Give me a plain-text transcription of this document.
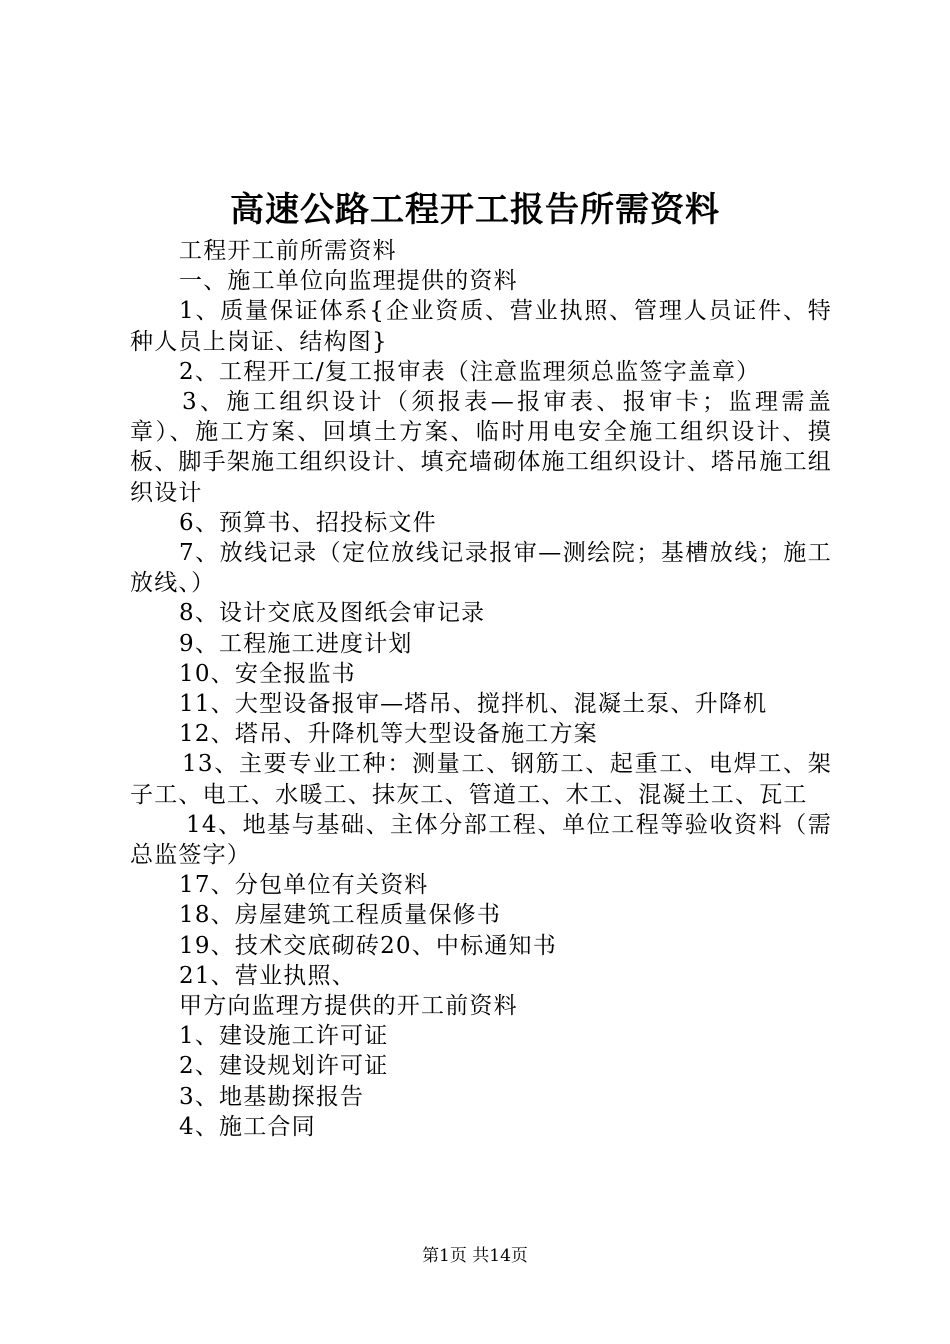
高速公路工程开工报告所需资料

工程开工前所需资料

一、施工单位向监理提供的资料

1、质量保证体系{企业资质、营业执照、管理人员证件、特种人员上岗证、结构图}

2、工程开工/复工报审表（注意监理须总监签字盖章）

3、施工组织设计（须报表—报审表、报审卡；监理需盖章）、施工方案、回填土方案、临时用电安全施工组织设计、摸板、脚手架施工组织设计、填充墙砌体施工组织设计、塔吊施工组织设计

6、预算书、招投标文件

7、放线记录（定位放线记录报审—测绘院；基槽放线；施工放线、）

8、设计交底及图纸会审记录

9、工程施工进度计划

10、安全报监书

11、大型设备报审—塔吊、搅拌机、混凝土泵、升降机

12、塔吊、升降机等大型设备施工方案

13、主要专业工种：测量工、钢筋工、起重工、电焊工、架子工、电工、水暖工、抹灰工、管道工、木工、混凝土工、瓦工

14、地基与基础、主体分部工程、单位工程等验收资料（需总监签字）

17、分包单位有关资料

18、房屋建筑工程质量保修书

19、技术交底砌砖20、中标通知书

21、营业执照、

甲方向监理方提供的开工前资料

1、建设施工许可证

2、建设规划许可证

3、地基勘探报告

4、施工合同

第1页 共14页
